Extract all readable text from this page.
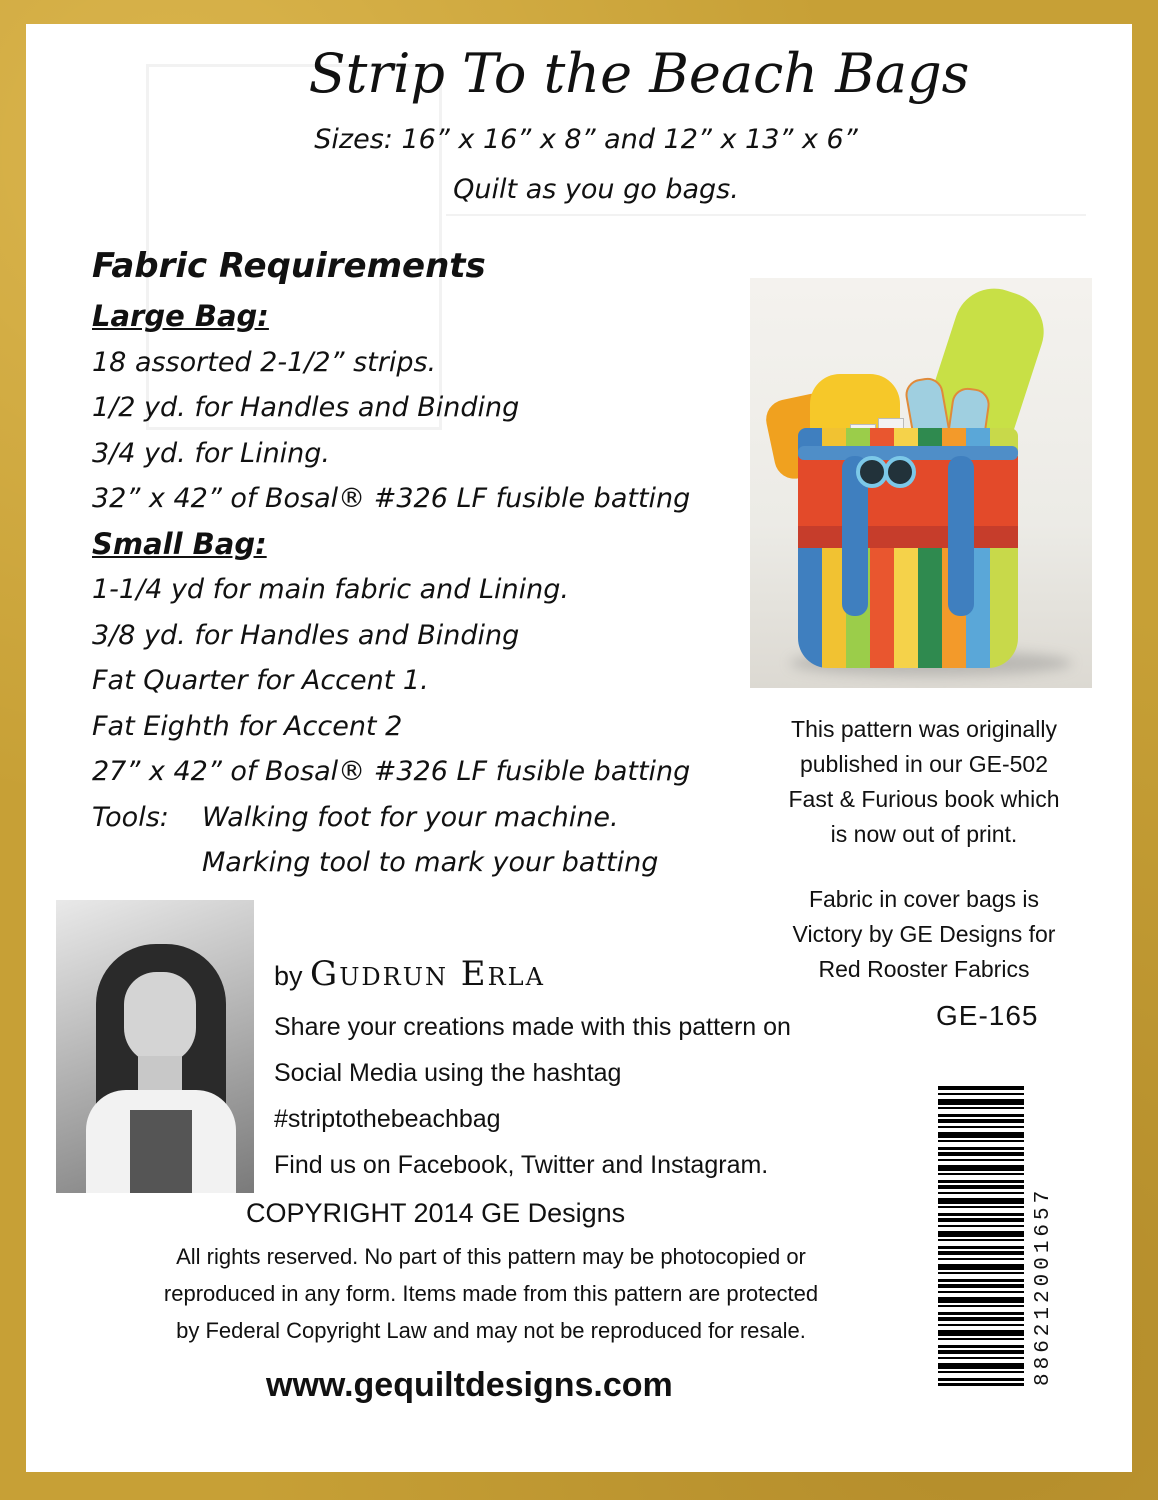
Strip To the Beach Bags
Sizes: 16” x 16” x 8” and 12” x 13” x 6”
Quilt as you go bags.
Fabric Requirements
Large Bag:
18 assorted 2-1/2” strips.
1/2 yd. for Handles and Binding
3/4 yd. for Lining.
32” x 42” of Bosal® #326 LF fusible batting
Small Bag:
1-1/4 yd for main fabric and Lining.
3/8 yd. for Handles and Binding
Fat Quarter for Accent 1.
Fat Eighth for Accent 2
27” x 42” of Bosal® #326 LF fusible batting
Tools:	Walking foot for your machine.
Marking tool to mark your batting
This pattern was originally
published in our GE-502
Fast & Furious book which
is now out of print.
Fabric in cover bags is
Victory by GE Designs for
Red Rooster Fabrics
GE-165
by Gudrun Erla
Share your creations made with this pattern on
Social Media using the hashtag
#striptothebeachbag
Find us on Facebook, Twitter and Instagram.
COPYRIGHT 2014 GE Designs
All rights reserved. No part of this pattern may be photocopied or
reproduced in any form. Items made from this pattern are protected
by Federal Copyright Law and may not be reproduced for resale.
www.gequiltdesigns.com	886212001657
